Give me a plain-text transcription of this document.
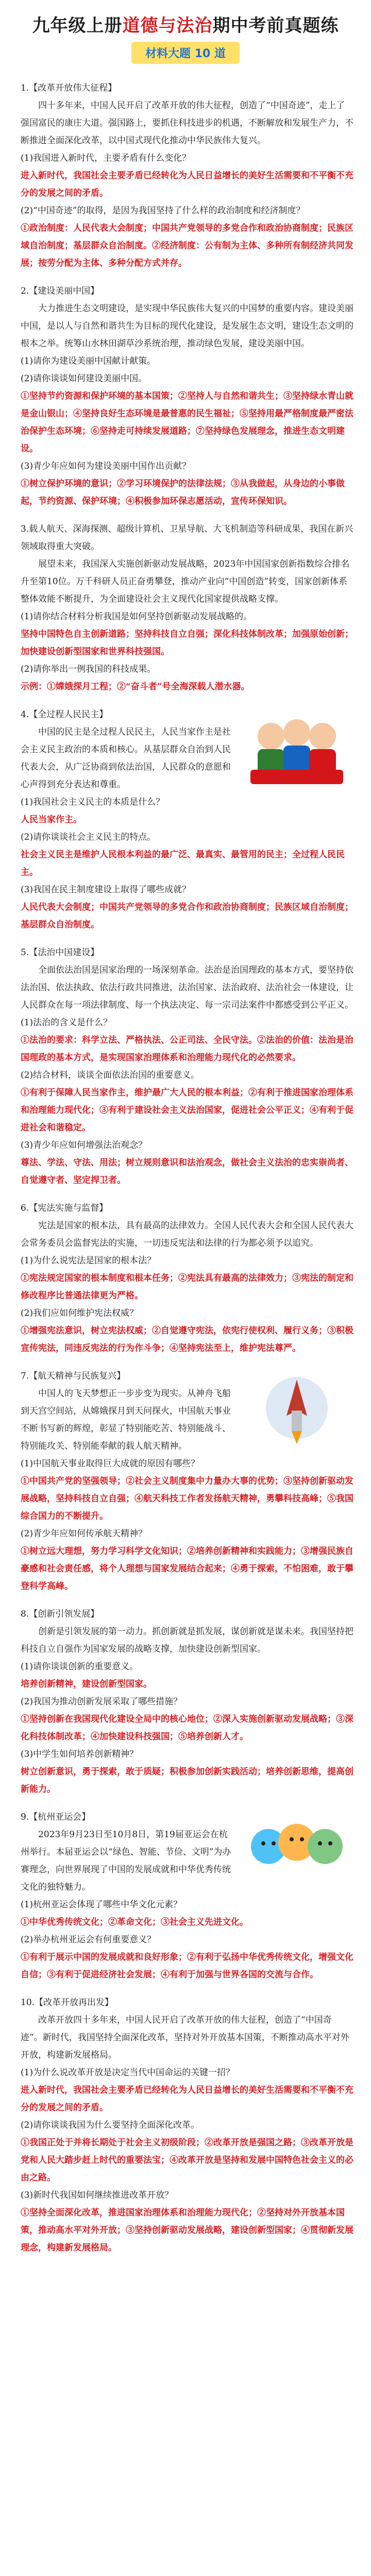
九年级上册道德与法治期中考前真题练
材料大题 10 道

1.【改革开放伟大征程】

四十多年来，中国人民开启了改革开放的伟大征程，创造了“中国奇迹”，走上了强国富民的康庄大道。强国路上，要抓住科技进步的机遇，不断解放和发展生产力，不断推进全面深化改革，以中国式现代化推动中华民族伟大复兴。

(1)我国进入新时代，主要矛盾有什么变化？

进入新时代，我国社会主要矛盾已经转化为人民日益增长的美好生活需要和不平衡不充分的发展之间的矛盾。

(2)“中国奇迹”的取得，是因为我国坚持了什么样的政治制度和经济制度？

①政治制度：人民代表大会制度；中国共产党领导的多党合作和政治协商制度；民族区域自治制度；基层群众自治制度。②经济制度：公有制为主体、多种所有制经济共同发展；按劳分配为主体、多种分配方式并存。

2.【建设美丽中国】

大力推进生态文明建设，是实现中华民族伟大复兴的中国梦的重要内容。建设美丽中国，是以人与自然和谐共生为目标的现代化建设，是发展生态文明，建设生态文明的根本之举。统筹山水林田湖草沙系统治理，推动绿色发展，建设美丽中国。

(1)请你为建设美丽中国献计献策。

(2)请你谈谈如何建设美丽中国。

①坚持节约资源和保护环境的基本国策；②坚持人与自然和谐共生；③坚持绿水青山就是金山银山；④坚持良好生态环境是最普惠的民生福祉；⑤坚持用最严格制度最严密法治保护生态环境；⑥坚持走可持续发展道路；⑦坚持绿色发展理念，推进生态文明建设。

(3)青少年应如何为建设美丽中国作出贡献？

①树立保护环境的意识；②学习环境保护的法律法规；③从我做起，从身边的小事做起，节约资源、保护环境；④积极参加环保志愿活动，宣传环保知识。

3.载人航天、深海探测、超级计算机、卫星导航、大飞机制造等科研成果，我国在新兴领域取得重大突破。

展望未来，我国深入实施创新驱动发展战略，2023年中国国家创新指数综合排名升至第10位。万千科研人员正奋勇攀登，推动产业向“中国创造”转变，国家创新体系整体效能不断提升，为全面建设社会主义现代化国家提供战略支撑。

(1)请你结合材料分析我国是如何坚持创新驱动发展战略的。

坚持中国特色自主创新道路；坚持科技自立自强；深化科技体制改革；加强原始创新；加快建设创新型国家和世界科技强国。

(2)请你举出一例我国的科技成果。

示例：①嫦娥探月工程；②“奋斗者”号全海深载人潜水器。

4.【全过程人民民主】

中国的民主是全过程人民民主，人民当家作主是社会主义民主政治的本质和核心。从基层群众自治到人民代表大会，从广泛协商到依法治国，人民群众的意愿和心声得到充分表达和尊重。

(1)我国社会主义民主的本质是什么？

人民当家作主。

(2)请你谈谈社会主义民主的特点。

社会主义民主是维护人民根本利益的最广泛、最真实、最管用的民主；全过程人民民主。

(3)我国在民主制度建设上取得了哪些成就？

人民代表大会制度；中国共产党领导的多党合作和政治协商制度；民族区域自治制度；基层群众自治制度。

5.【法治中国建设】

全面依法治国是国家治理的一场深刻革命。法治是治国理政的基本方式，要坚持依法治国、依法执政、依法行政共同推进，法治国家、法治政府、法治社会一体建设，让人民群众在每一项法律制度、每一个执法决定、每一宗司法案件中都感受到公平正义。

(1)法治的含义是什么？

①法治的要求：科学立法、严格执法、公正司法、全民守法。②法治的价值：法治是治国理政的基本方式，是实现国家治理体系和治理能力现代化的必然要求。

(2)结合材料，谈谈全面依法治国的重要意义。

①有利于保障人民当家作主，维护最广大人民的根本利益；②有利于推进国家治理体系和治理能力现代化；③有利于建设社会主义法治国家，促进社会公平正义；④有利于促进社会和谐稳定。

(3)青少年应如何增强法治观念？

尊法、学法、守法、用法；树立规则意识和法治观念，做社会主义法治的忠实崇尚者、自觉遵守者、坚定捍卫者。

6.【宪法实施与监督】

宪法是国家的根本法，具有最高的法律效力。全国人民代表大会和全国人民代表大会常务委员会监督宪法的实施，一切违反宪法和法律的行为都必须予以追究。

(1)为什么说宪法是国家的根本法？

①宪法规定国家的根本制度和根本任务；②宪法具有最高的法律效力；③宪法的制定和修改程序比普通法律更为严格。

(2)我们应如何维护宪法权威？

①增强宪法意识，树立宪法权威；②自觉遵守宪法，依宪行使权利、履行义务；③积极宣传宪法，同违反宪法的行为作斗争；④坚持宪法至上，维护宪法尊严。

7.【航天精神与民族复兴】

中国人的飞天梦想正一步步变为现实。从神舟飞船到天宫空间站，从嫦娥探月到天问探火，中国航天事业不断书写新的辉煌，彰显了特别能吃苦、特别能战斗、特别能攻关、特别能奉献的载人航天精神。

(1)中国航天事业取得巨大成就的原因有哪些？

①中国共产党的坚强领导；②社会主义制度集中力量办大事的优势；③坚持创新驱动发展战略，坚持科技自立自强；④航天科技工作者发扬航天精神，勇攀科技高峰；⑤我国综合国力的不断提升。

(2)青少年应如何传承航天精神？

①树立远大理想，努力学习科学文化知识；②培养创新精神和实践能力；③增强民族自豪感和社会责任感，将个人理想与国家发展结合起来；④勇于探索，不怕困难，敢于攀登科学高峰。

8.【创新引领发展】

创新是引领发展的第一动力。抓创新就是抓发展，谋创新就是谋未来。我国坚持把科技自立自强作为国家发展的战略支撑，加快建设创新型国家。

(1)请你谈谈创新的重要意义。

培养创新精神，建设创新型国家。

(2)我国为推动创新发展采取了哪些措施？

①坚持创新在我国现代化建设全局中的核心地位；②深入实施创新驱动发展战略；③深化科技体制改革；④加快建设科技强国；⑤培养创新人才。

(3)中学生如何培养创新精神？

树立创新意识，勇于探索，敢于质疑；积极参加创新实践活动；培养创新思维，提高创新能力。

9.【杭州亚运会】

2023年9月23日至10月8日，第19届亚运会在杭州举行。本届亚运会以“绿色、智能、节俭、文明”为办赛理念，向世界展现了中国的发展成就和中华优秀传统文化的独特魅力。

(1)杭州亚运会体现了哪些中华文化元素？

①中华优秀传统文化；②革命文化；③社会主义先进文化。

(2)举办杭州亚运会有何重要意义？

①有利于展示中国的发展成就和良好形象；②有利于弘扬中华优秀传统文化，增强文化自信；③有利于促进经济社会发展；④有利于加强与世界各国的交流与合作。

10.【改革开放再出发】

改革开放四十多年来，中国人民开启了改革开放的伟大征程，创造了“中国奇迹”。新时代，我国坚持全面深化改革，坚持对外开放基本国策，不断推动高水平对外开放，构建新发展格局。

(1)为什么说改革开放是决定当代中国命运的关键一招？

进入新时代，我国社会主要矛盾已经转化为人民日益增长的美好生活需要和不平衡不充分的发展之间的矛盾。

(2)请你谈谈我国为什么要坚持全面深化改革。

①我国正处于并将长期处于社会主义初级阶段；②改革开放是强国之路；③改革开放是党和人民大踏步赶上时代的重要法宝；④改革开放是坚持和发展中国特色社会主义的必由之路。

(3)新时代我国如何继续推进改革开放？

①坚持全面深化改革，推进国家治理体系和治理能力现代化；②坚持对外开放基本国策，推动高水平对外开放；③坚持创新驱动发展战略，建设创新型国家；④贯彻新发展理念，构建新发展格局。
